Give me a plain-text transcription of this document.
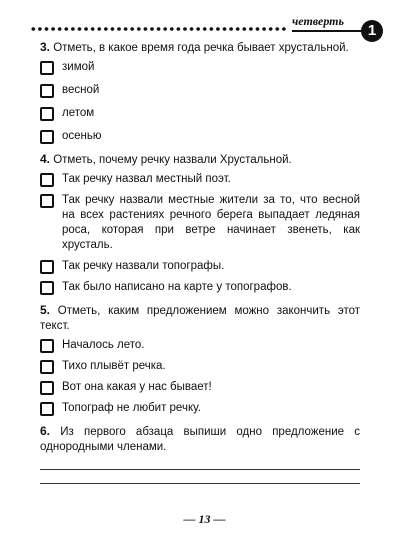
четверть
1
3. Отметь, в какое время года речка бывает хрустальной.
зимой
весной
летом
осенью
4. Отметь, почему речку назвали Хрустальной.
Так речку назвал местный поэт.
Так речку назвали местные жители за то, что весной на всех растениях речного берега выпадает ледяная роса, которая при ветре начинает звенеть, как хрусталь.
Так речку назвали топографы.
Так было написано на карте у топографов.
5. Отметь, каким предложением можно закончить этот текст.
Началось лето.
Тихо плывёт речка.
Вот она какая у нас бывает!
Топограф не любит речку.
6. Из первого абзаца выпиши одно предложение с однородными членами.
— 13 —
